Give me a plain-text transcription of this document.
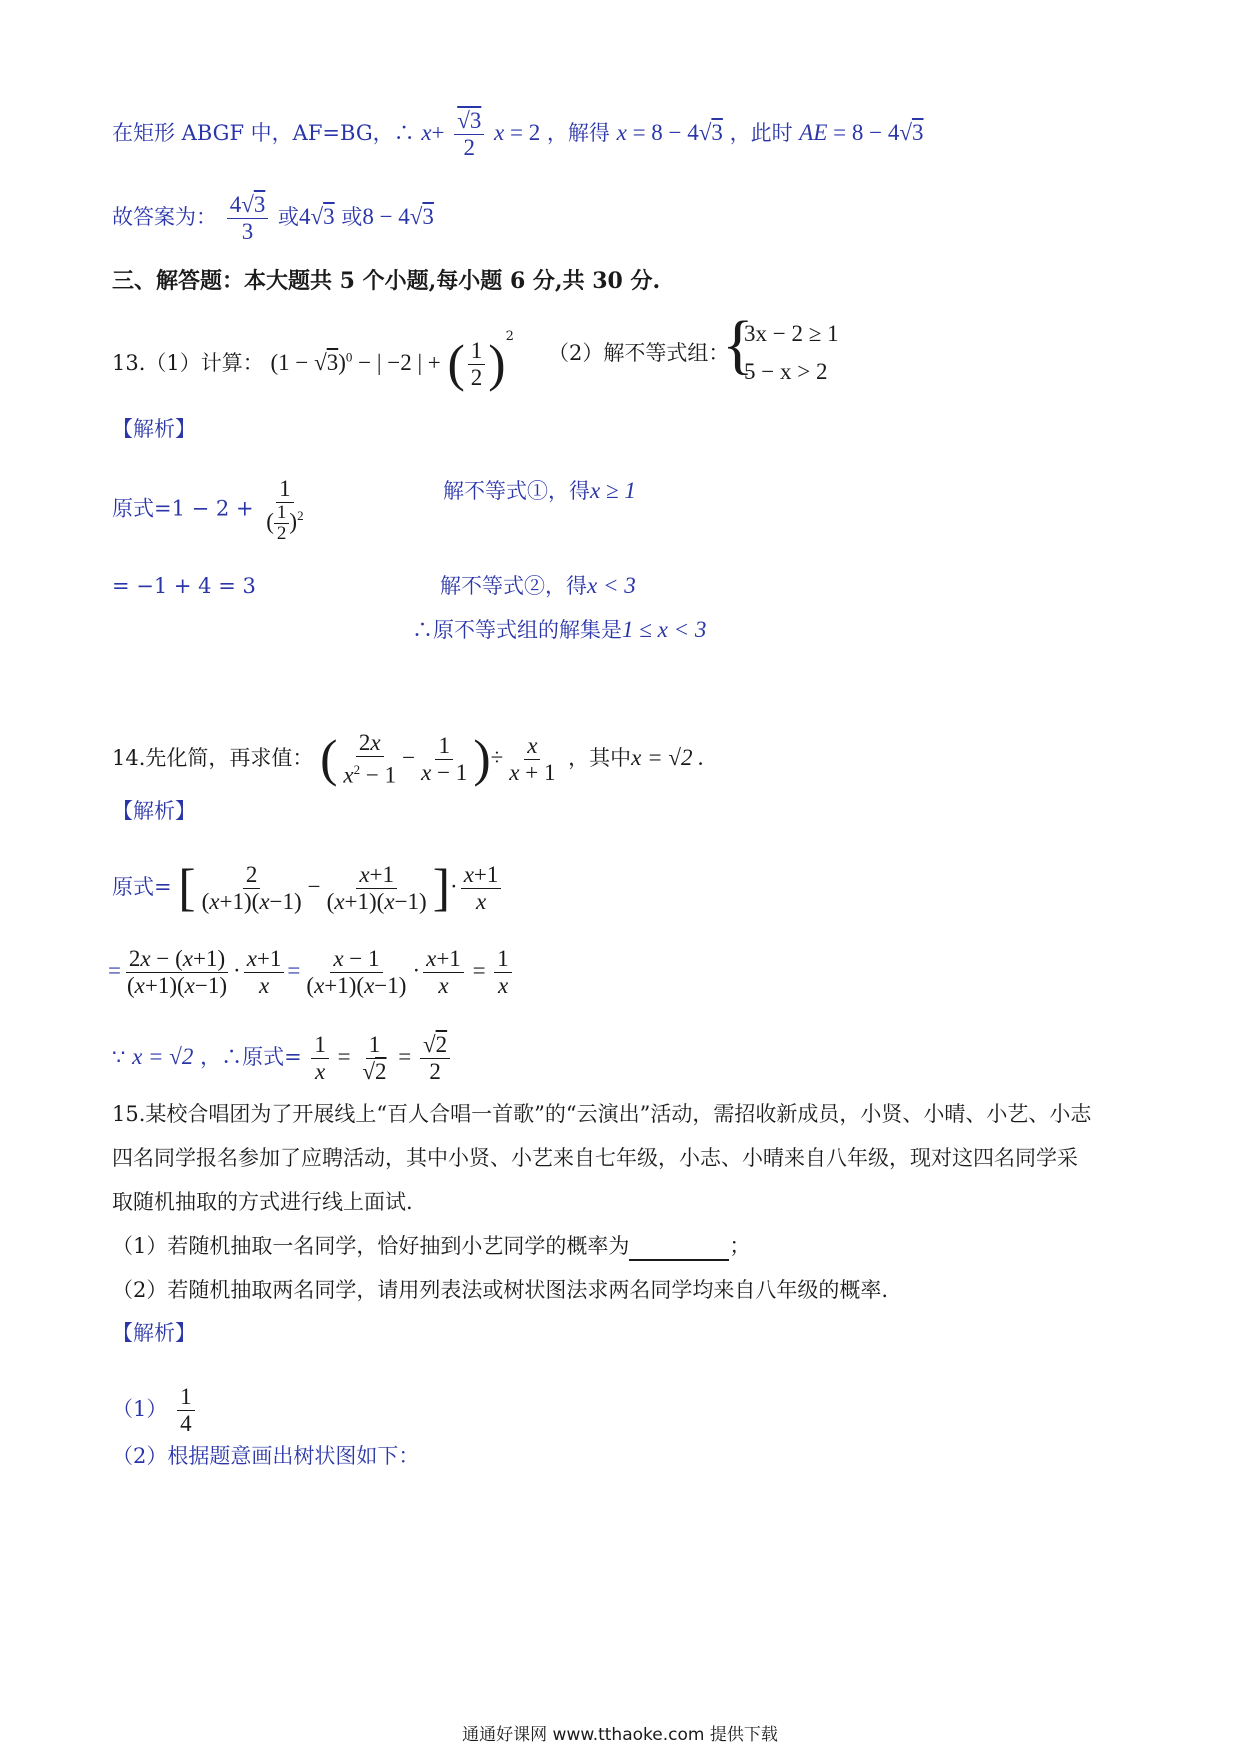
在矩形 ABGF 中，AF=BG，∴ $x+ \frac{√3}{2}$ x = 2 ，解得 x = 8 − 4√3 ，此时 AE = 8 − 4√3
故答案为： $\frac{4√3}{3}$ 或4√3 或8 − 4√3
三、解答题：本大题共 5 个小题,每小题 6 分,共 30 分.
13.（1）计算： $(1 - √3)^0$ − | −2 | + ( $\frac{1}{2} )^2$
（2）解不等式组：
{
3x − 2 ≥ 1
5 − x > 2
【解析】
原式$=1 - 2 + \frac{1}{( \frac{1}{2} )^2}$	解不等式①，得x ≥ 1
= −1 + 4 = 3	解不等式②，得x < 3
∴原不等式组的解集是1 ≤ x < 3
14.先化简，再求值： ( $\frac{2x}{x^2 - 1} - \frac{1}{x - 1}$ )÷ $\frac{x}{x + 1}$ ，其中x = √2 .
【解析】
原式= [ $\frac{2}{(x+1)(x-1)} - \frac{x+1}{(x+1)(x-1)}$ ]· $\frac{x+1}{x}$
= $\frac{2x - (x+1)}{(x+1)(x-1)} \cdot \frac{x+1}{x} = \frac{x - 1}{(x+1)(x-1)} \cdot \frac{x+1}{x} = \frac{1}{x}$
∵ x = √2 ，∴原式= $\frac{1}{x} = \frac{1}{√2} = \frac{√2}{2}$
15.某校合唱团为了开展线上“百人合唱一首歌”的“云演出”活动，需招收新成员，小贤、小晴、小艺、小志
四名同学报名参加了应聘活动，其中小贤、小艺来自七年级，小志、小晴来自八年级，现对这四名同学采
取随机抽取的方式进行线上面试.
（1）若随机抽取一名同学，恰好抽到小艺同学的概率为	；
（2）若随机抽取两名同学，请用列表法或树状图法求两名同学均来自八年级的概率.
【解析】
$(1) \frac{1}{4}$
（2）根据题意画出树状图如下：
通通好课网 www.tthaoke.com 提供下载
